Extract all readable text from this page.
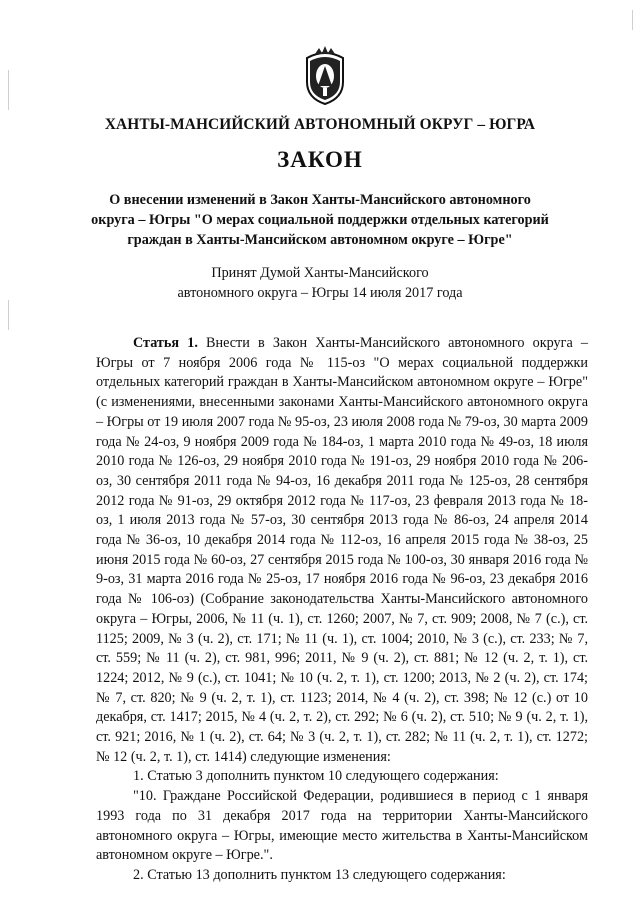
ХАНТЫ-МАНСИЙСКИЙ АВТОНОМНЫЙ ОКРУГ – ЮГРА
ЗАКОН
О внесении изменений в Закон Ханты-Мансийского автономного
округа – Югры "О мерах социальной поддержки отдельных категорий
граждан в Ханты-Мансийском автономном округе – Югре"
Принят Думой Ханты-Мансийского
автономного округа – Югры 14 июля 2017 года

Статья 1. Внести в Закон Ханты-Мансийского автономного округа – Югры от 7 ноября 2006 года № 115-оз "О мерах социальной поддержки отдельных категорий граждан в Ханты-Мансийском автономном округе – Югре" (с изменениями, внесенными законами Ханты-Мансийского автономного округа – Югры от 19 июля 2007 года № 95-оз, 23 июля 2008 года № 79-оз, 30 марта 2009 года № 24-оз, 9 ноября 2009 года № 184-оз, 1 марта 2010 года № 49-оз, 18 июля 2010 года № 126-оз, 29 ноября 2010 года № 191-оз, 29 ноября 2010 года № 206-оз, 30 сентября 2011 года № 94-оз, 16 декабря 2011 года № 125-оз, 28 сентября 2012 года № 91-оз, 29 октября 2012 года № 117-оз, 23 февраля 2013 года № 18-оз, 1 июля 2013 года № 57-оз, 30 сентября 2013 года № 86-оз, 24 апреля 2014 года № 36-оз, 10 декабря 2014 года № 112-оз, 16 апреля 2015 года № 38-оз, 25 июня 2015 года № 60-оз, 27 сентября 2015 года № 100-оз, 30 января 2016 года № 9-оз, 31 марта 2016 года № 25-оз, 17 ноября 2016 года № 96-оз, 23 декабря 2016 года № 106-оз) (Собрание законодательства Ханты-Мансийского автономного округа – Югры, 2006, № 11 (ч. 1), ст. 1260; 2007, № 7, ст. 909; 2008, № 7 (с.), ст. 1125; 2009, № 3 (ч. 2), ст. 171; № 11 (ч. 1), ст. 1004; 2010, № 3 (с.), ст. 233; № 7, ст. 559; № 11 (ч. 2), ст. 981, 996; 2011, № 9 (ч. 2), ст. 881; № 12 (ч. 2, т. 1), ст. 1224; 2012, № 9 (с.), ст. 1041; № 10 (ч. 2, т. 1), ст. 1200; 2013, № 2 (ч. 2), ст. 174; № 7, ст. 820; № 9 (ч. 2, т. 1), ст. 1123; 2014, № 4 (ч. 2), ст. 398; № 12 (с.) от 10 декабря, ст. 1417; 2015, № 4 (ч. 2, т. 2), ст. 292; № 6 (ч. 2), ст. 510; № 9 (ч. 2, т. 1), ст. 921; 2016, № 1 (ч. 2), ст. 64; № 3 (ч. 2, т. 1), ст. 282; № 11 (ч. 2, т. 1), ст. 1272; № 12 (ч. 2, т. 1), ст. 1414) следующие изменения:

1. Статью 3 дополнить пунктом 10 следующего содержания:

"10. Граждане Российской Федерации, родившиеся в период с 1 января 1993 года по 31 декабря 2017 года на территории Ханты-Мансийского автономного округа – Югры, имеющие место жительства в Ханты-Мансийском автономном округе – Югре.".

2. Статью 13 дополнить пунктом 13 следующего содержания:
